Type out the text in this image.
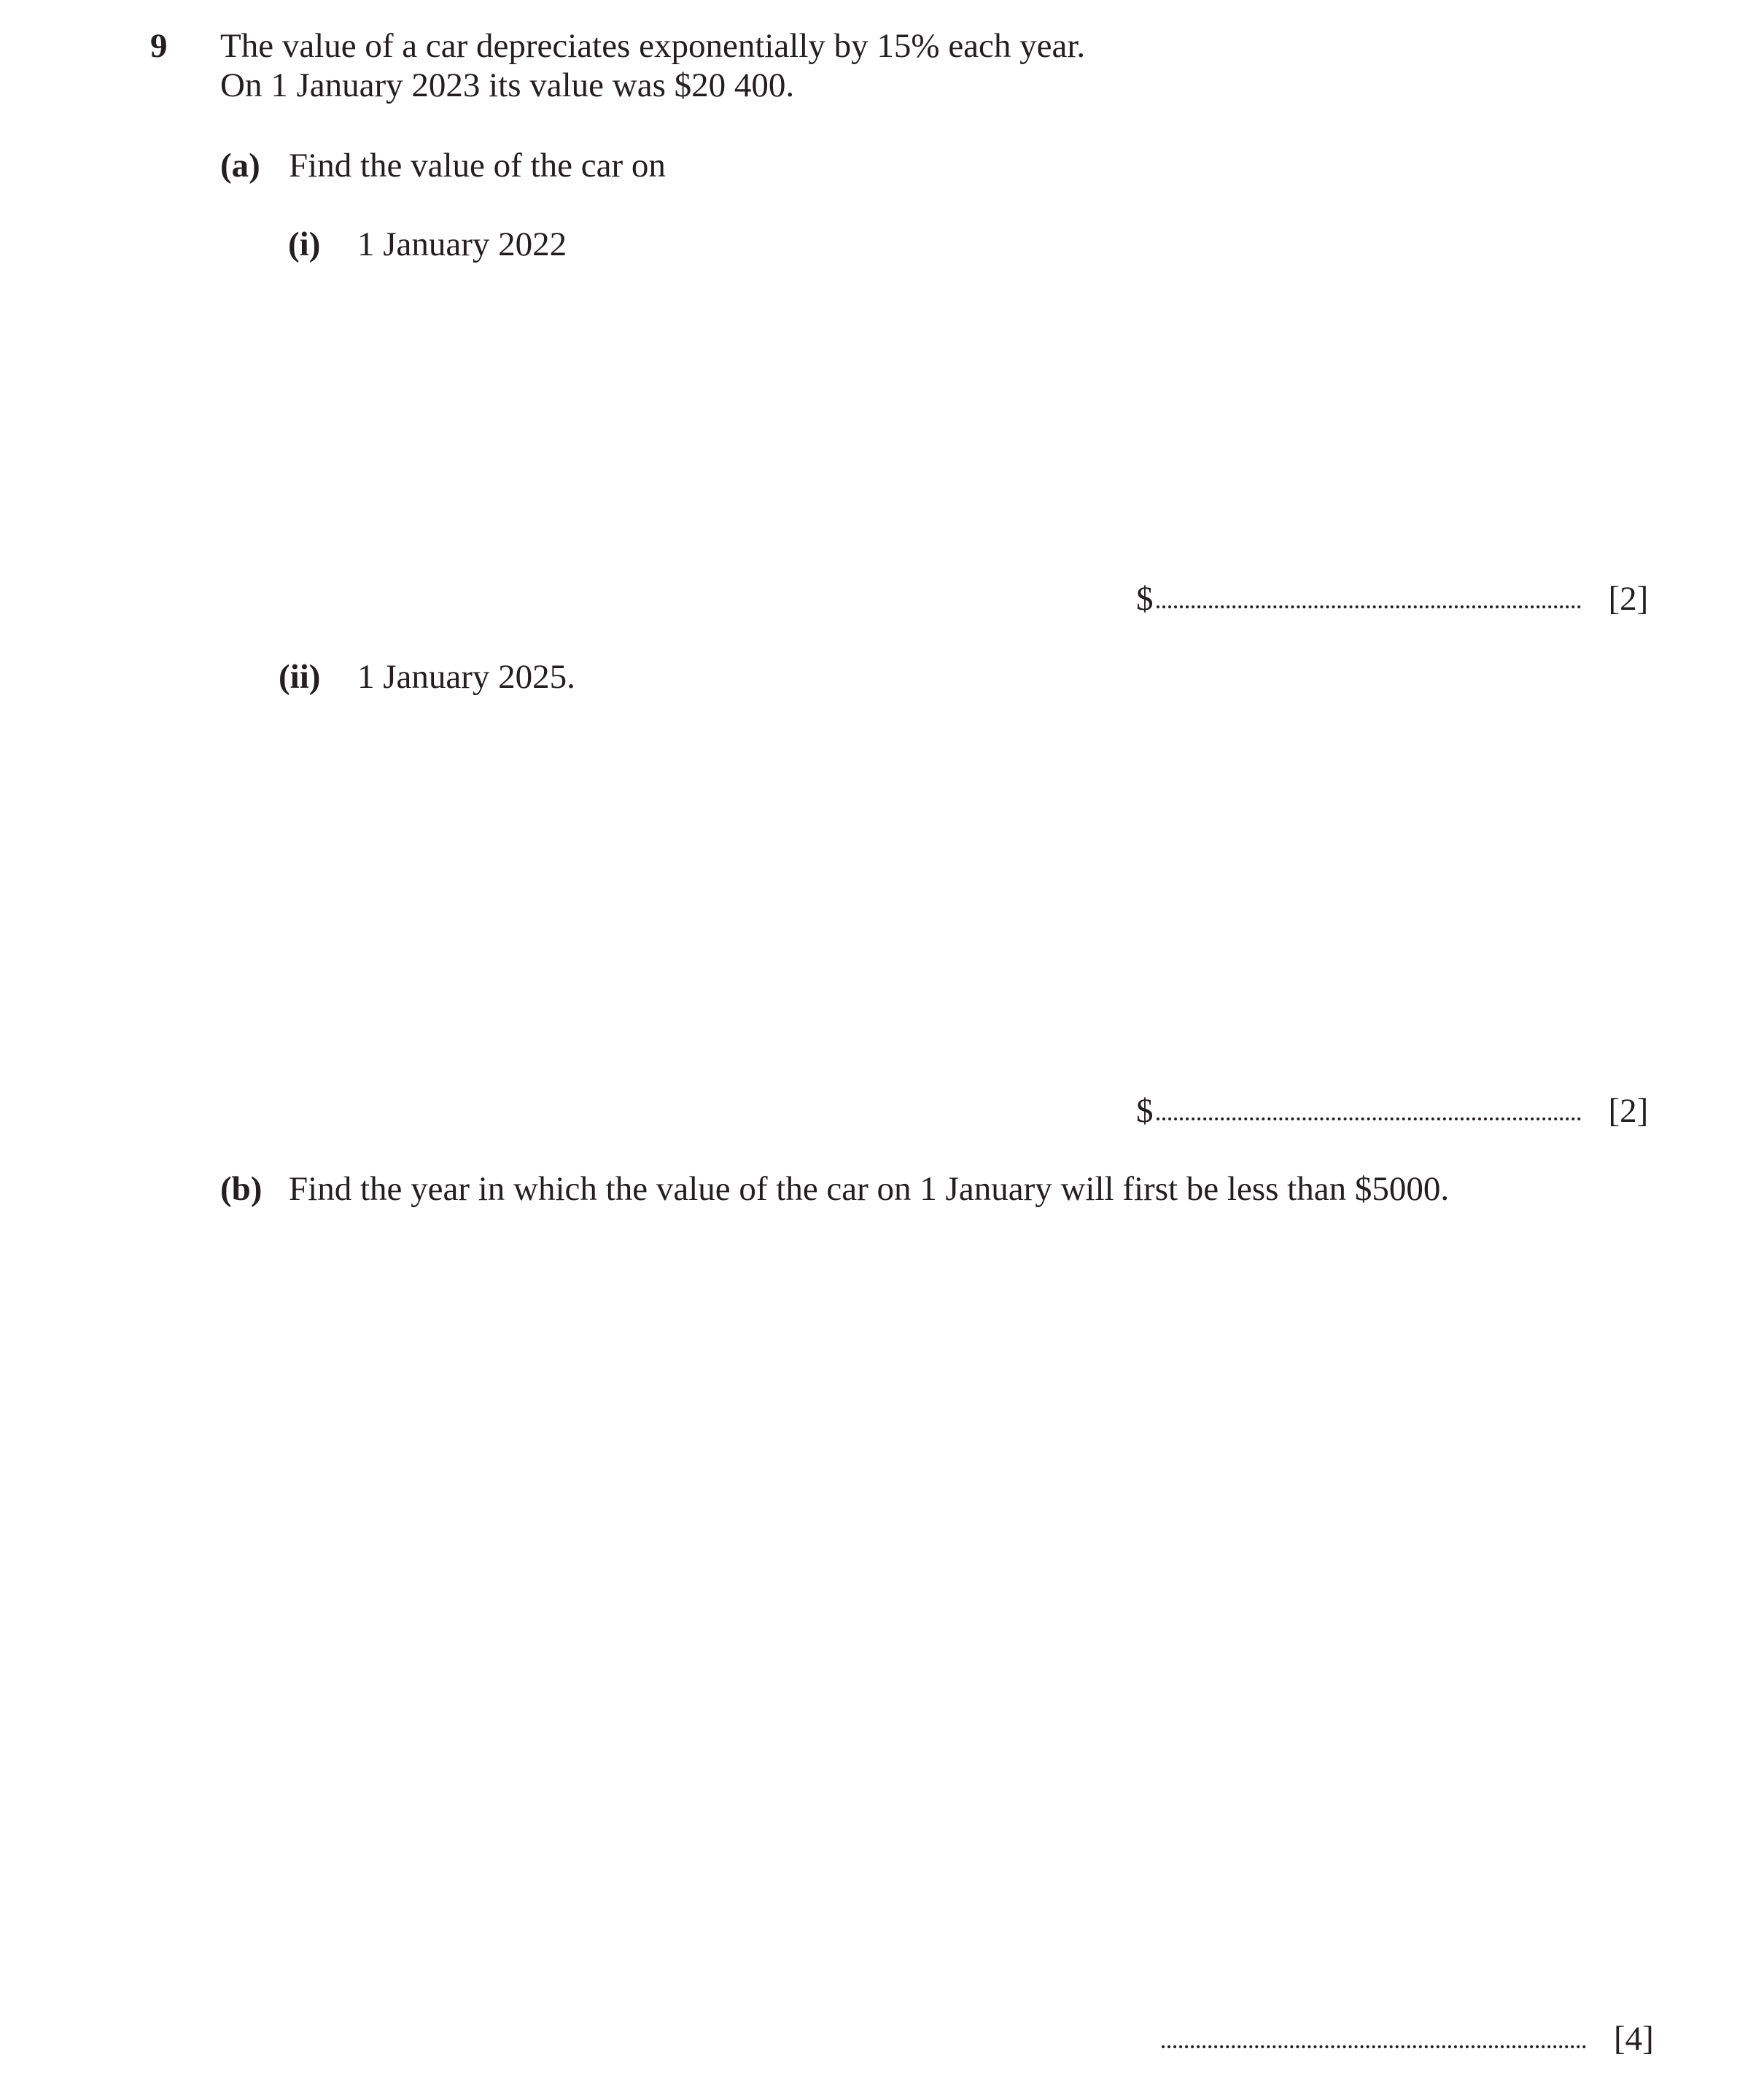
9 The value of a car depreciates exponentially by 15% each year.
On 1 January 2023 its value was $20 400.
(a) Find the value of the car on
(i) 1 January 2022
$	[2]
(ii) 1 January 2025.
$	[2]
(b) Find the year in which the value of the car on 1 January will first be less than $5000.
[4]
